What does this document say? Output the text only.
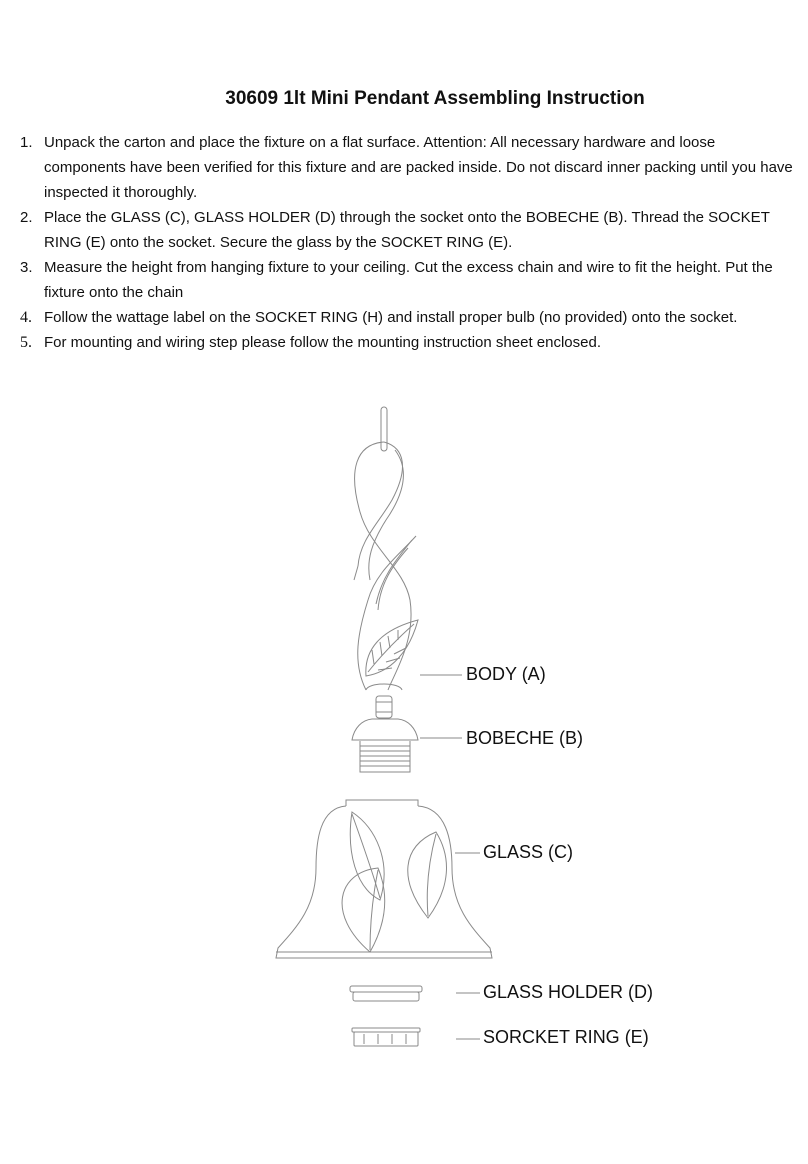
30609 1lt Mini Pendant Assembling Instruction
1. Unpack the carton and place the fixture on a flat surface. Attention: All necessary hardware and loose components have been verified for this fixture and are packed inside. Do not discard inner packing until you have inspected it thoroughly.
2. Place the GLASS (C), GLASS HOLDER (D) through the socket onto the BOBECHE (B). Thread the SOCKET RING (E) onto the socket. Secure the glass by the SOCKET RING (E).
3. Measure the height from hanging fixture to your ceiling. Cut the excess chain and wire to fit the height. Put the fixture onto the chain
4. Follow the wattage label on the SOCKET RING (H) and install proper bulb (no provided) onto the socket.
5. For mounting and wiring step please follow the mounting instruction sheet enclosed.
BODY (A)
BOBECHE (B)
GLASS (C)
GLASS HOLDER (D)
SORCKET RING (E)
